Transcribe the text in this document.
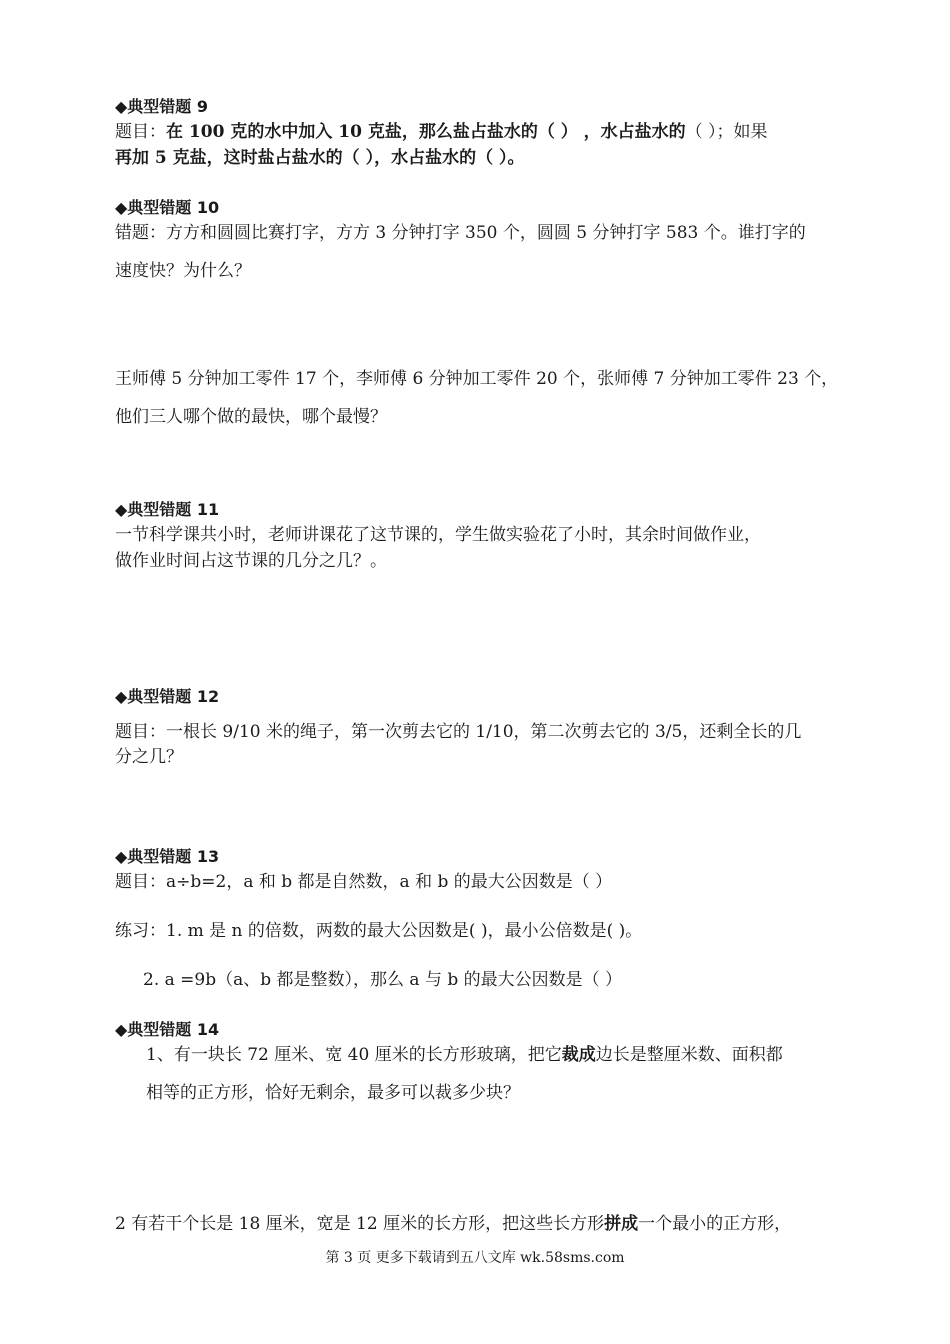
◆典型错题 9
题目：在 100 克的水中加入 10 克盐，那么盐占盐水的（ ） ，水占盐水的（ ）；如果
再加 5 克盐，这时盐占盐水的（ ），水占盐水的（ ）。
◆典型错题 10
错题：方方和圆圆比赛打字，方方 3 分钟打字 350 个，圆圆 5 分钟打字 583 个。谁打字的
速度快？为什么？
王师傅 5 分钟加工零件 17 个，李师傅 6 分钟加工零件 20 个，张师傅 7 分钟加工零件 23 个，
他们三人哪个做的最快，哪个最慢？
◆典型错题 11
一节科学课共小时，老师讲课花了这节课的，学生做实验花了小时，其余时间做作业，
做作业时间占这节课的几分之几？。
◆典型错题 12
题目：一根长 9/10 米的绳子，第一次剪去它的 1/10，第二次剪去它的 3/5，还剩全长的几
分之几？
◆典型错题 13
题目：a÷b=2，a 和 b 都是自然数，a 和 b 的最大公因数是（ ）
练习：1. m 是 n 的倍数，两数的最大公因数是( )，最小公倍数是( )。
2. a =9b（a、b 都是整数），那么 a 与 b 的最大公因数是（ ）
◆典型错题 14
1、有一块长 72 厘米、宽 40 厘米的长方形玻璃，把它裁成边长是整厘米数、面积都
相等的正方形，恰好无剩余，最多可以裁多少块？
2 有若干个长是 18 厘米，宽是 12 厘米的长方形，把这些长方形拼成一个最小的正方形，
第 3 页 更多下载请到五八文库 wk.58sms.com
